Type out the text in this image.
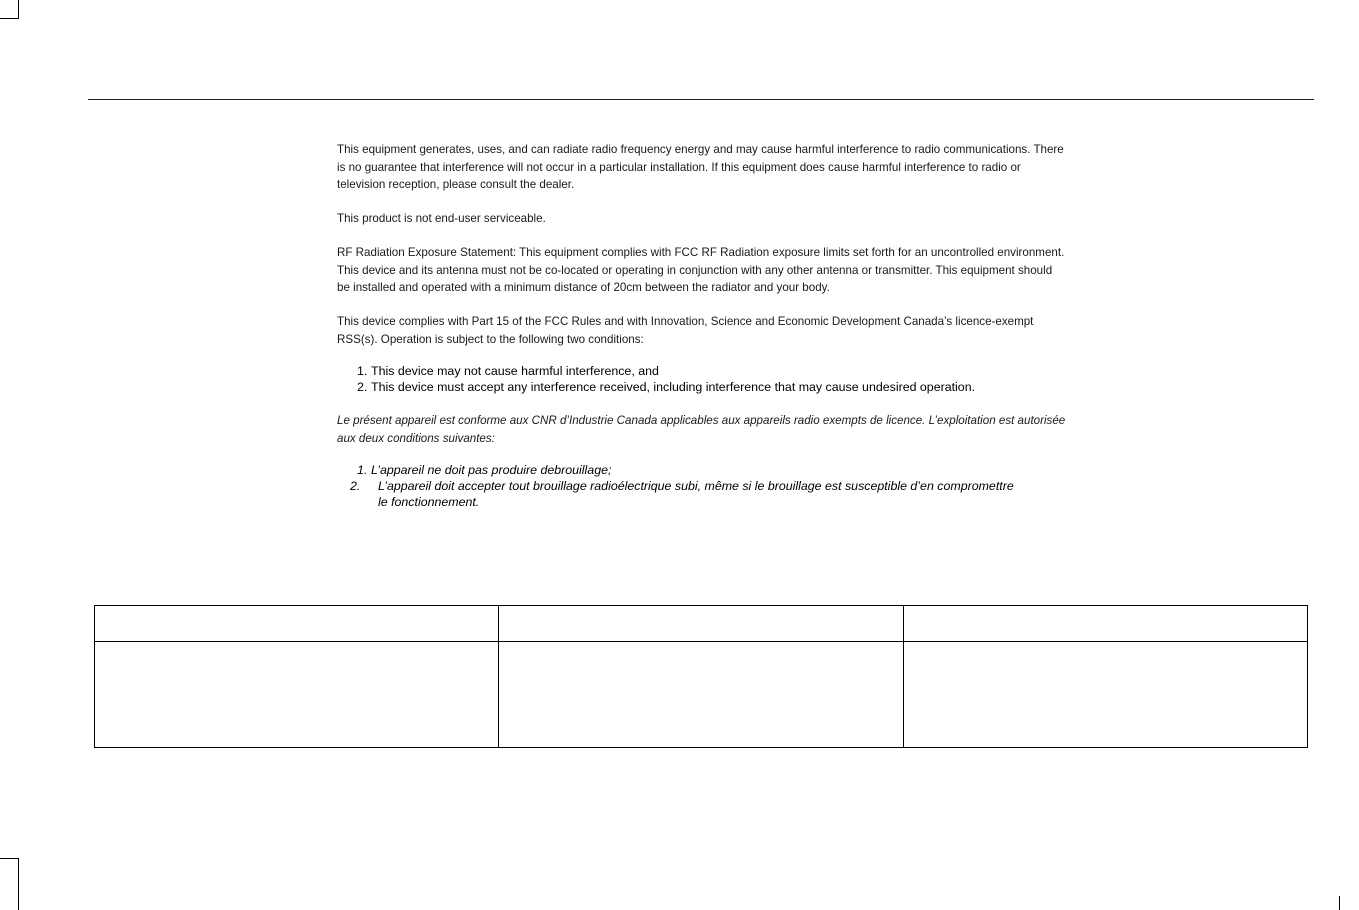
This equipment generates, uses, and can radiate radio frequency energy and may cause harmful interference to radio communications. There is no guarantee that interference will not occur in a particular installation. If this equipment does cause harmful interference to radio or television reception, please consult the dealer.

This product is not end-user serviceable.

RF Radiation Exposure Statement: This equipment complies with FCC RF Radiation exposure limits set forth for an uncontrolled environment. This device and its antenna must not be co-located or operating in conjunction with any other antenna or transmitter. This equipment should be installed and operated with a minimum distance of 20cm between the radiator and your body.

This device complies with Part 15 of the FCC Rules and with Innovation, Science and Economic Development Canada’s licence-exempt RSS(s). Operation is subject to the following two conditions:

1. This device may not cause harmful interference, and
2. This device must accept any interference received, including interference that may cause undesired operation.

Le présent appareil est conforme aux CNR d’Industrie Canada applicables aux appareils radio exempts de licence. L’exploitation est autorisée aux deux conditions suivantes:

1. L’appareil ne doit pas produire debrouillage;
2. L’appareil doit accepter tout brouillage radioélectrique subi, même si le brouillage est susceptible d’en compromettre le fonctionnement.
